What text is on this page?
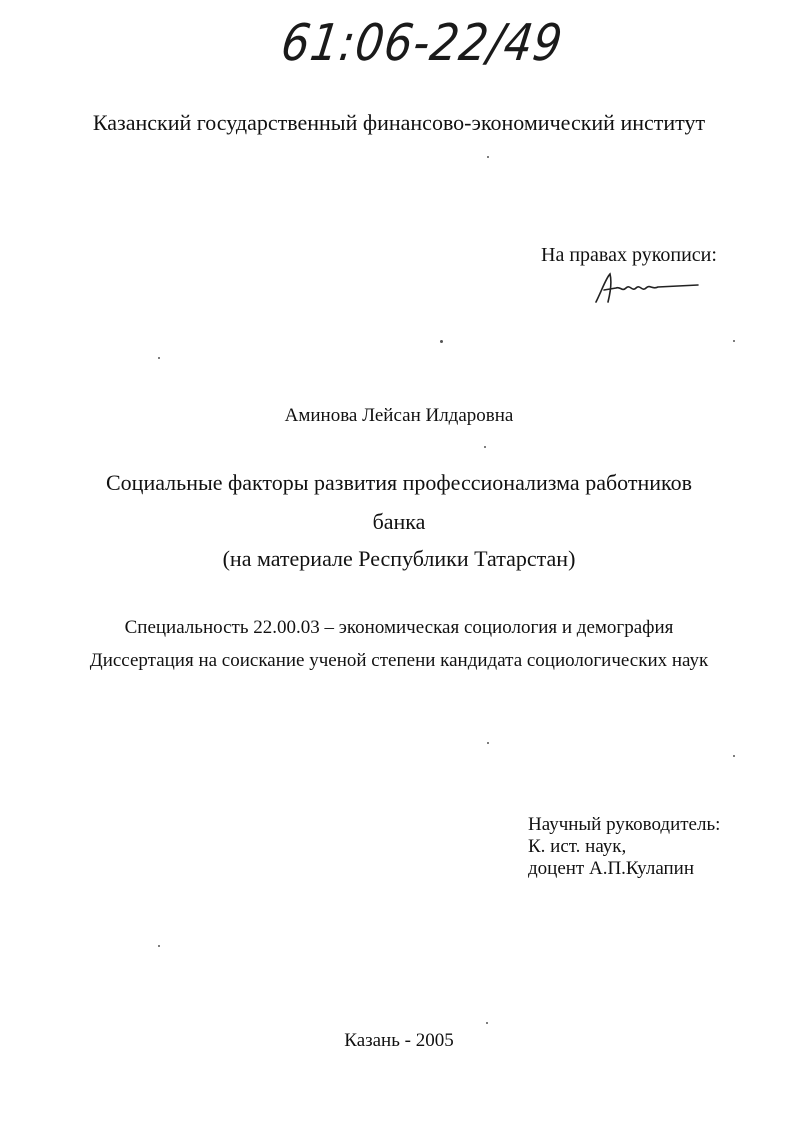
61:06-22/49
Казанский государственный финансово-экономический институт
На правах рукописи:
Аминова Лейсан Илдаровна
Социальные факторы развития профессионализма работников
банка
(на материале Республики Татарстан)
Специальность 22.00.03 – экономическая социология и демография
Диссертация на соискание ученой степени кандидата социологических наук
Научный руководитель:
К. ист. наук,
доцент А.П.Кулапин
Казань - 2005
